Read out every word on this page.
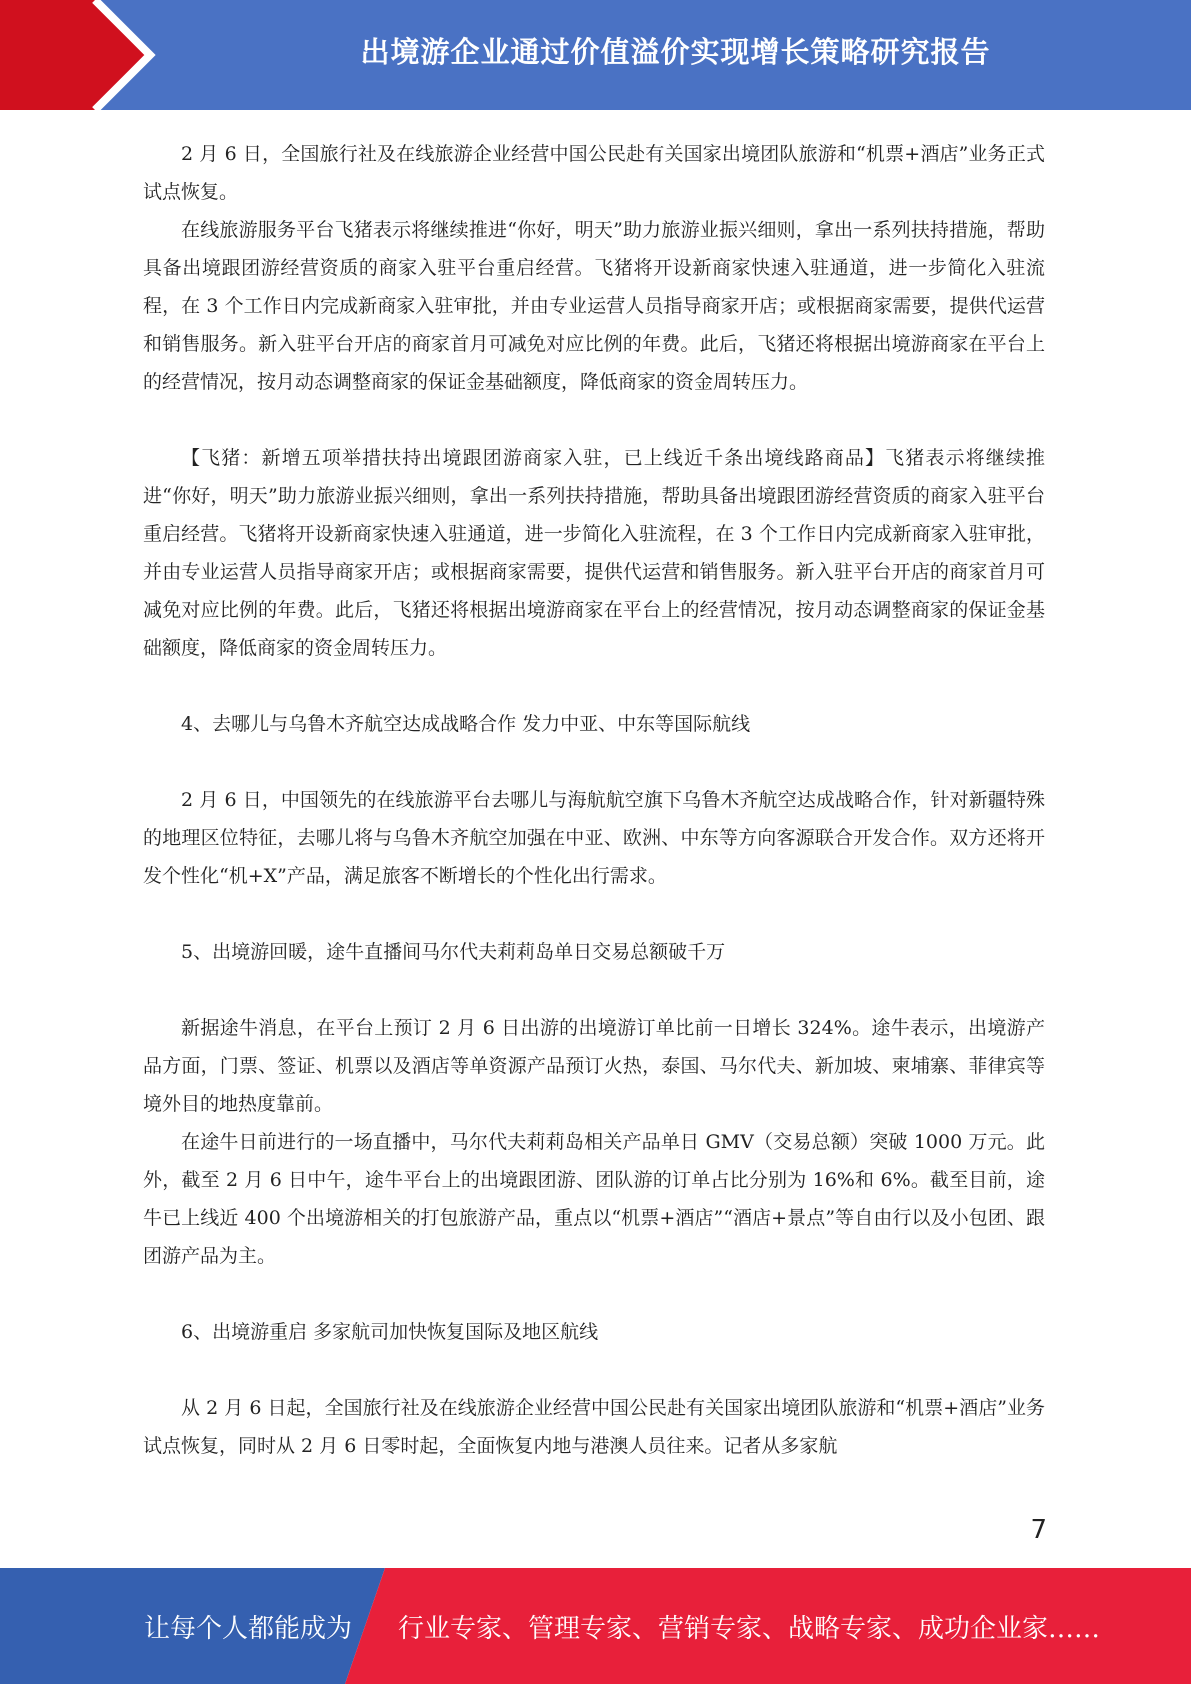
出境游企业通过价值溢价实现增长策略研究报告

2 月 6 日，全国旅行社及在线旅游企业经营中国公民赴有关国家出境团队旅游和“机票+酒店”业务正式试点恢复。

在线旅游服务平台飞猪表示将继续推进“你好，明天”助力旅游业振兴细则，拿出一系列扶持措施，帮助具备出境跟团游经营资质的商家入驻平台重启经营。飞猪将开设新商家快速入驻通道，进一步简化入驻流程，在 3 个工作日内完成新商家入驻审批，并由专业运营人员指导商家开店；或根据商家需要，提供代运营和销售服务。新入驻平台开店的商家首月可减免对应比例的年费。此后，飞猪还将根据出境游商家在平台上的经营情况，按月动态调整商家的保证金基础额度，降低商家的资金周转压力。

【飞猪：新增五项举措扶持出境跟团游商家入驻，已上线近千条出境线路商品】飞猪表示将继续推进“你好，明天”助力旅游业振兴细则，拿出一系列扶持措施，帮助具备出境跟团游经营资质的商家入驻平台重启经营。飞猪将开设新商家快速入驻通道，进一步简化入驻流程，在 3 个工作日内完成新商家入驻审批，并由专业运营人员指导商家开店；或根据商家需要，提供代运营和销售服务。新入驻平台开店的商家首月可减免对应比例的年费。此后，飞猪还将根据出境游商家在平台上的经营情况，按月动态调整商家的保证金基础额度，降低商家的资金周转压力。

4、去哪儿与乌鲁木齐航空达成战略合作 发力中亚、中东等国际航线

2 月 6 日，中国领先的在线旅游平台去哪儿与海航航空旗下乌鲁木齐航空达成战略合作，针对新疆特殊的地理区位特征，去哪儿将与乌鲁木齐航空加强在中亚、欧洲、中东等方向客源联合开发合作。双方还将开发个性化“机+X”产品，满足旅客不断增长的个性化出行需求。

5、出境游回暖，途牛直播间马尔代夫莉莉岛单日交易总额破千万

新据途牛消息，在平台上预订 2 月 6 日出游的出境游订单比前一日增长 324%。途牛表示，出境游产品方面，门票、签证、机票以及酒店等单资源产品预订火热，泰国、马尔代夫、新加坡、柬埔寨、菲律宾等境外目的地热度靠前。

在途牛日前进行的一场直播中，马尔代夫莉莉岛相关产品单日 GMV（交易总额）突破 1000 万元。此外，截至 2 月 6 日中午，途牛平台上的出境跟团游、团队游的订单占比分别为 16%和 6%。截至目前，途牛已上线近 400 个出境游相关的打包旅游产品，重点以“机票+酒店”“酒店+景点”等自由行以及小包团、跟团游产品为主。

6、出境游重启 多家航司加快恢复国际及地区航线

从 2 月 6 日起，全国旅行社及在线旅游企业经营中国公民赴有关国家出境团队旅游和“机票+酒店”业务试点恢复，同时从 2 月 6 日零时起，全面恢复内地与港澳人员往来。记者从多家航

7
让每个人都能成为 行业专家、管理专家、营销专家、战略专家、成功企业家……
